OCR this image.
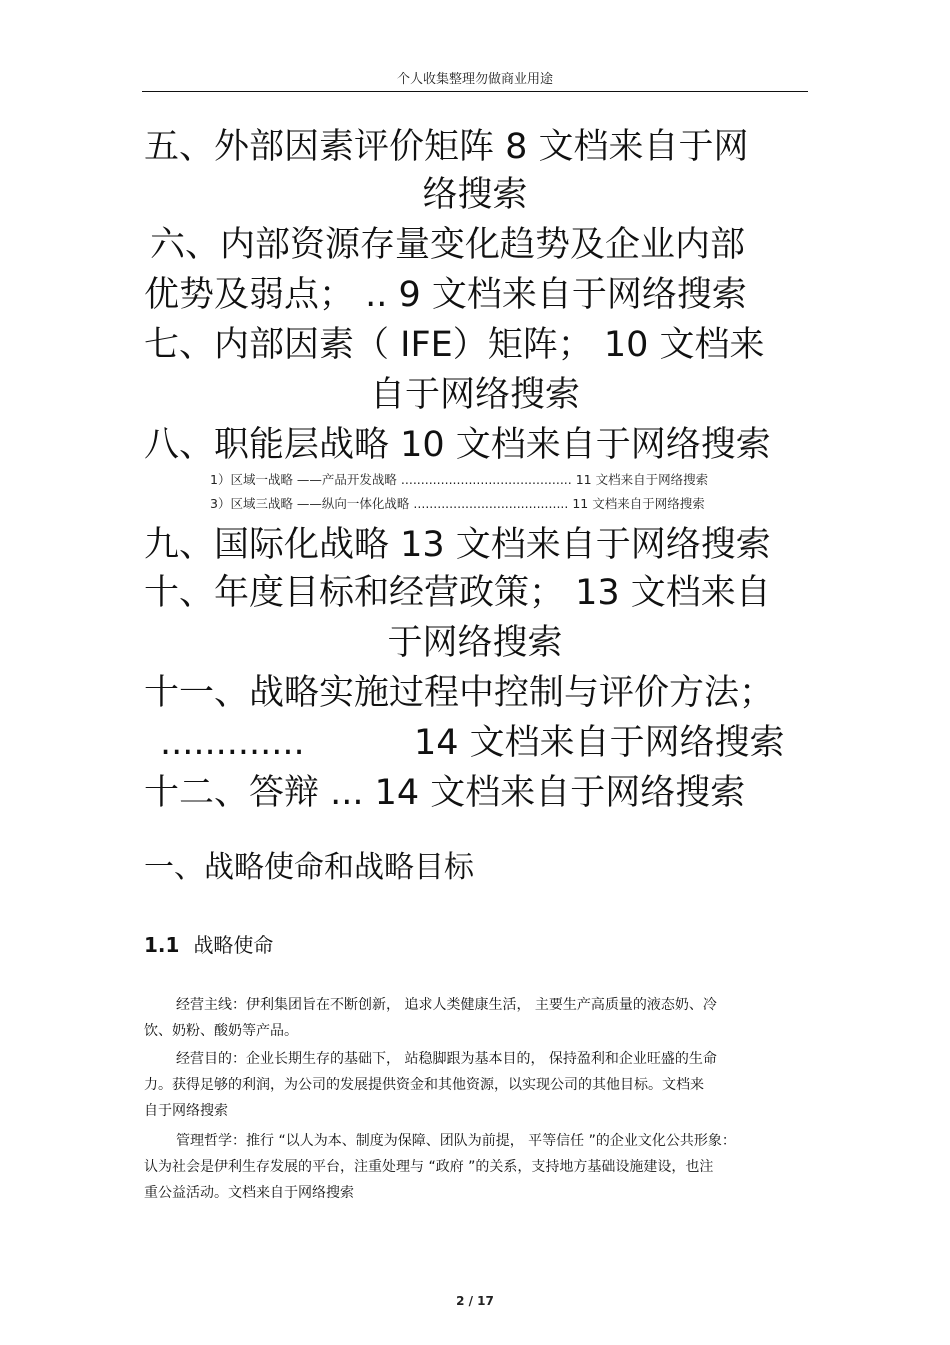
个人收集整理勿做商业用途
五、外部因素评价矩阵 8 文档来自于网
络搜索
六、内部资源存量变化趋势及企业内部
优势及弱点； .. 9 文档来自于网络搜索
七、内部因素（ IFE）矩阵； 10 文档来
自于网络搜索
八、职能层战略 10 文档来自于网络搜索
1）区域一战略 ——产品开发战略 ........................................... 11 文档来自于网络搜索
3）区域三战略 ——纵向一体化战略 ....................................... 11 文档来自于网络搜索
九、国际化战略 13 文档来自于网络搜索
十、年度目标和经营政策； 13 文档来自
于网络搜索
十一、战略实施过程中控制与评价方法；
.............	14 文档来自于网络搜索
十二、答辩 ... 14 文档来自于网络搜索
一、战略使命和战略目标
1.1 战略使命
经营主线：伊利集团旨在不断创新， 追求人类健康生活， 主要生产高质量的液态奶、冷
饮、奶粉、酸奶等产品。
经营目的：企业长期生存的基础下， 站稳脚跟为基本目的， 保持盈利和企业旺盛的生命
力。获得足够的利润，为公司的发展提供资金和其他资源，以实现公司的其他目标。文档来
自于网络搜索
管理哲学：推行 “以人为本、制度为保障、团队为前提， 平等信任 ”的企业文化公共形象：
认为社会是伊利生存发展的平台，注重处理与 “政府 ”的关系，支持地方基础设施建设，也注
重公益活动。文档来自于网络搜索
2 / 17
